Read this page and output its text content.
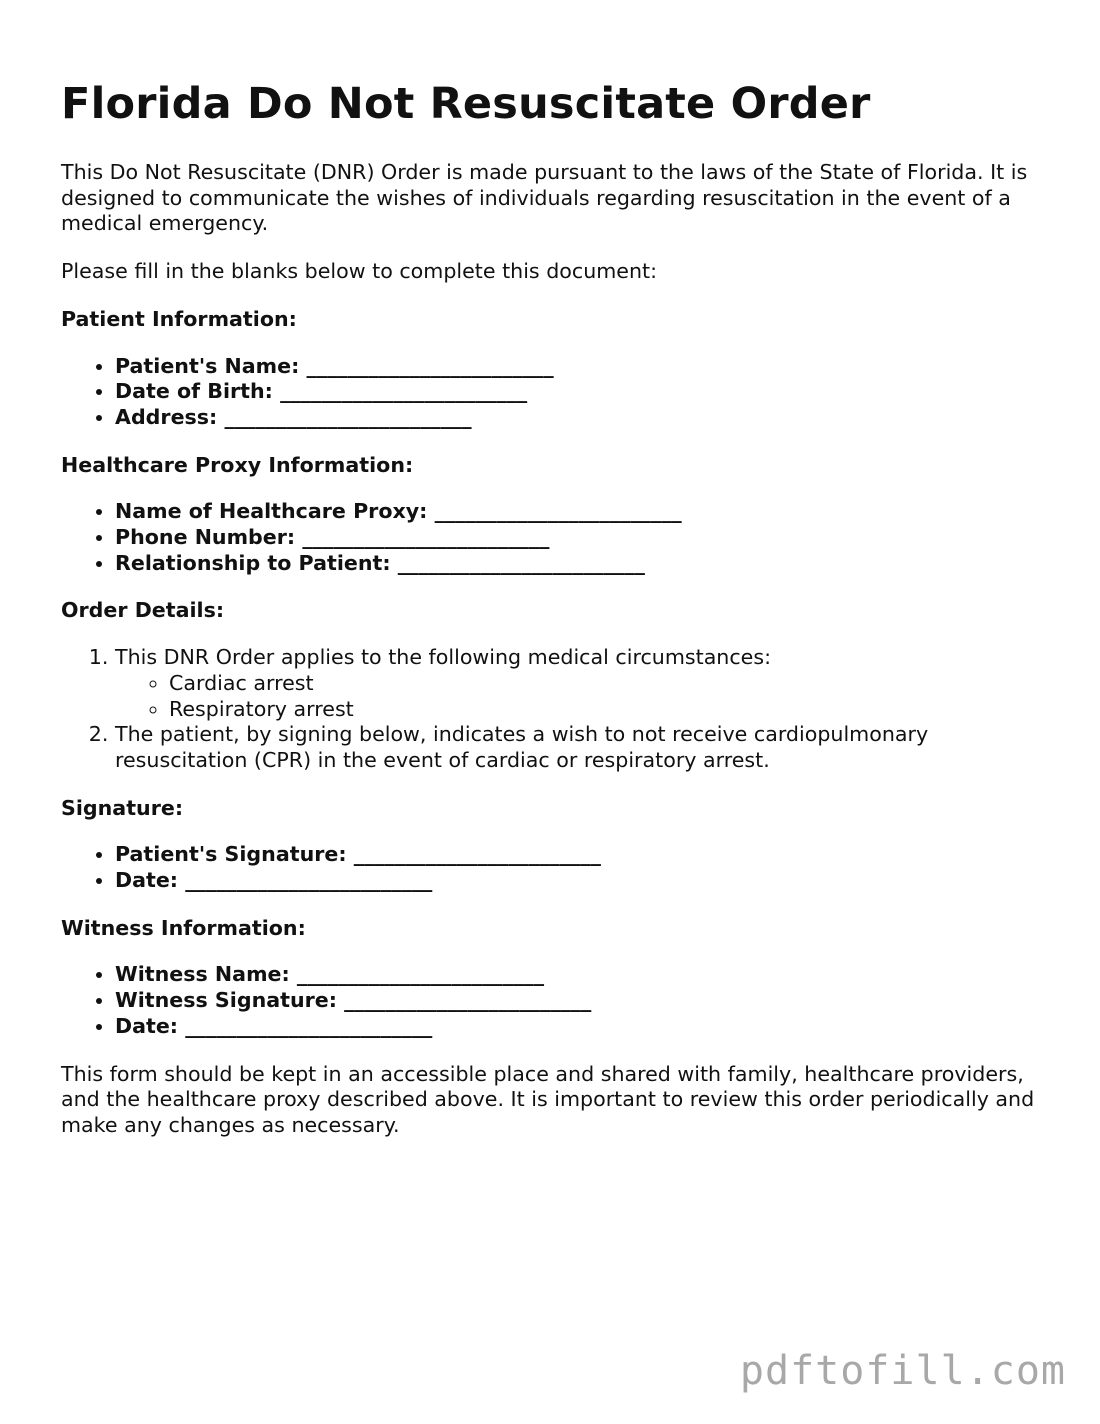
Florida Do Not Resuscitate Order

This Do Not Resuscitate (DNR) Order is made pursuant to the laws of the State of Florida. It is designed to communicate the wishes of individuals regarding resuscitation in the event of a medical emergency.

Please fill in the blanks below to complete this document:

Patient Information:
• Patient's Name: ________________________
• Date of Birth: ________________________
• Address: ________________________
Healthcare Proxy Information:
• Name of Healthcare Proxy: ________________________
• Phone Number: ________________________
• Relationship to Patient: ________________________
Order Details:
1. This DNR Order applies to the following medical circumstances:
◦ Cardiac arrest
◦ Respiratory arrest
2. The patient, by signing below, indicates a wish to not receive cardiopulmonary resuscitation (CPR) in the event of cardiac or respiratory arrest.
Signature:
• Patient's Signature: ________________________
• Date: ________________________
Witness Information:
• Witness Name: ________________________
• Witness Signature: ________________________
• Date: ________________________

This form should be kept in an accessible place and shared with family, healthcare providers, and the healthcare proxy described above. It is important to review this order periodically and make any changes as necessary.

pdftofill.com
